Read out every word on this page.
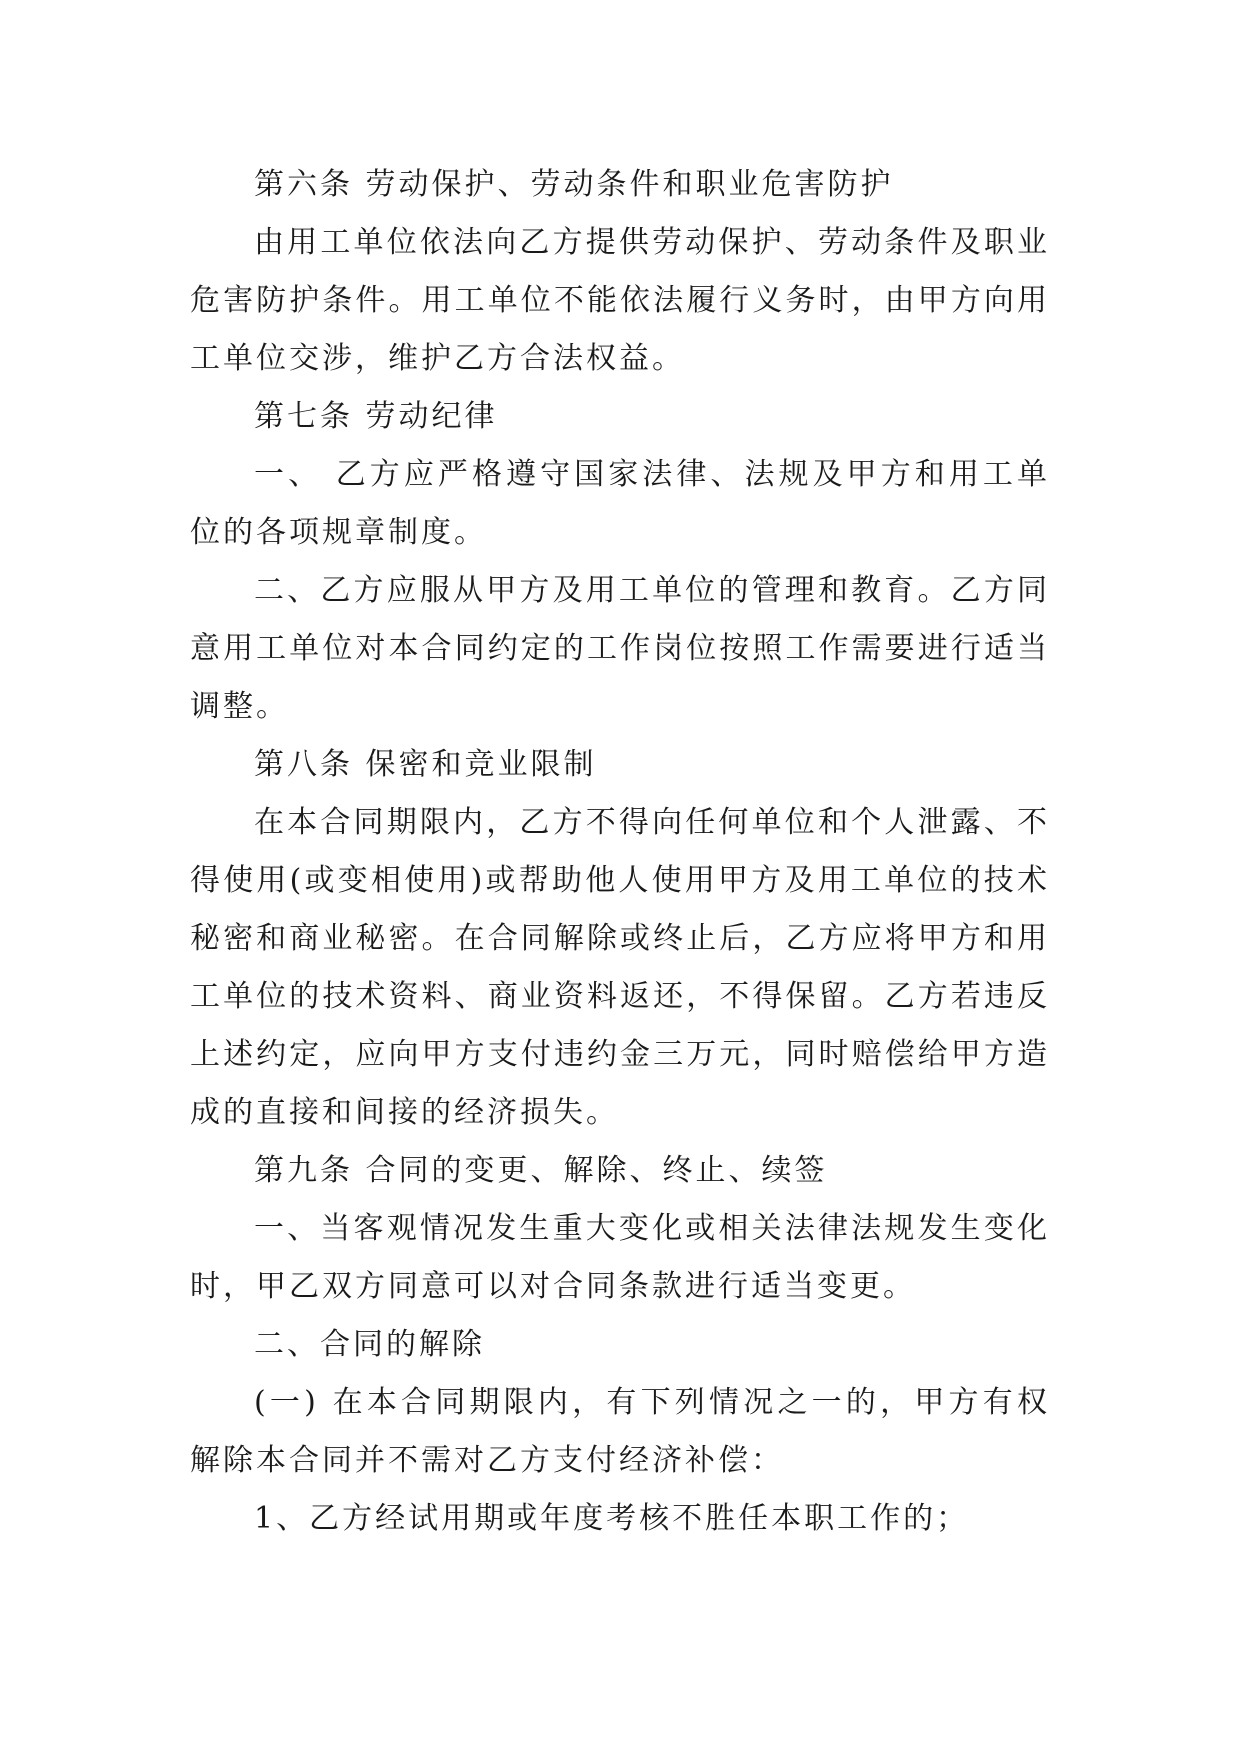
第六条 劳动保护、劳动条件和职业危害防护

由用工单位依法向乙方提供劳动保护、劳动条件及职业危害防护条件。用工单位不能依法履行义务时，由甲方向用工单位交涉，维护乙方合法权益。

第七条 劳动纪律

一、 乙方应严格遵守国家法律、法规及甲方和用工单位的各项规章制度。

二、乙方应服从甲方及用工单位的管理和教育。乙方同意用工单位对本合同约定的工作岗位按照工作需要进行适当调整。

第八条 保密和竞业限制

在本合同期限内，乙方不得向任何单位和个人泄露、不得使用(或变相使用)或帮助他人使用甲方及用工单位的技术秘密和商业秘密。在合同解除或终止后，乙方应将甲方和用工单位的技术资料、商业资料返还，不得保留。乙方若违反上述约定，应向甲方支付违约金三万元，同时赔偿给甲方造成的直接和间接的经济损失。

第九条 合同的变更、解除、终止、续签

一、当客观情况发生重大变化或相关法律法规发生变化时，甲乙双方同意可以对合同条款进行适当变更。

二、合同的解除

(一) 在本合同期限内，有下列情况之一的，甲方有权解除本合同并不需对乙方支付经济补偿：

1、乙方经试用期或年度考核不胜任本职工作的；
